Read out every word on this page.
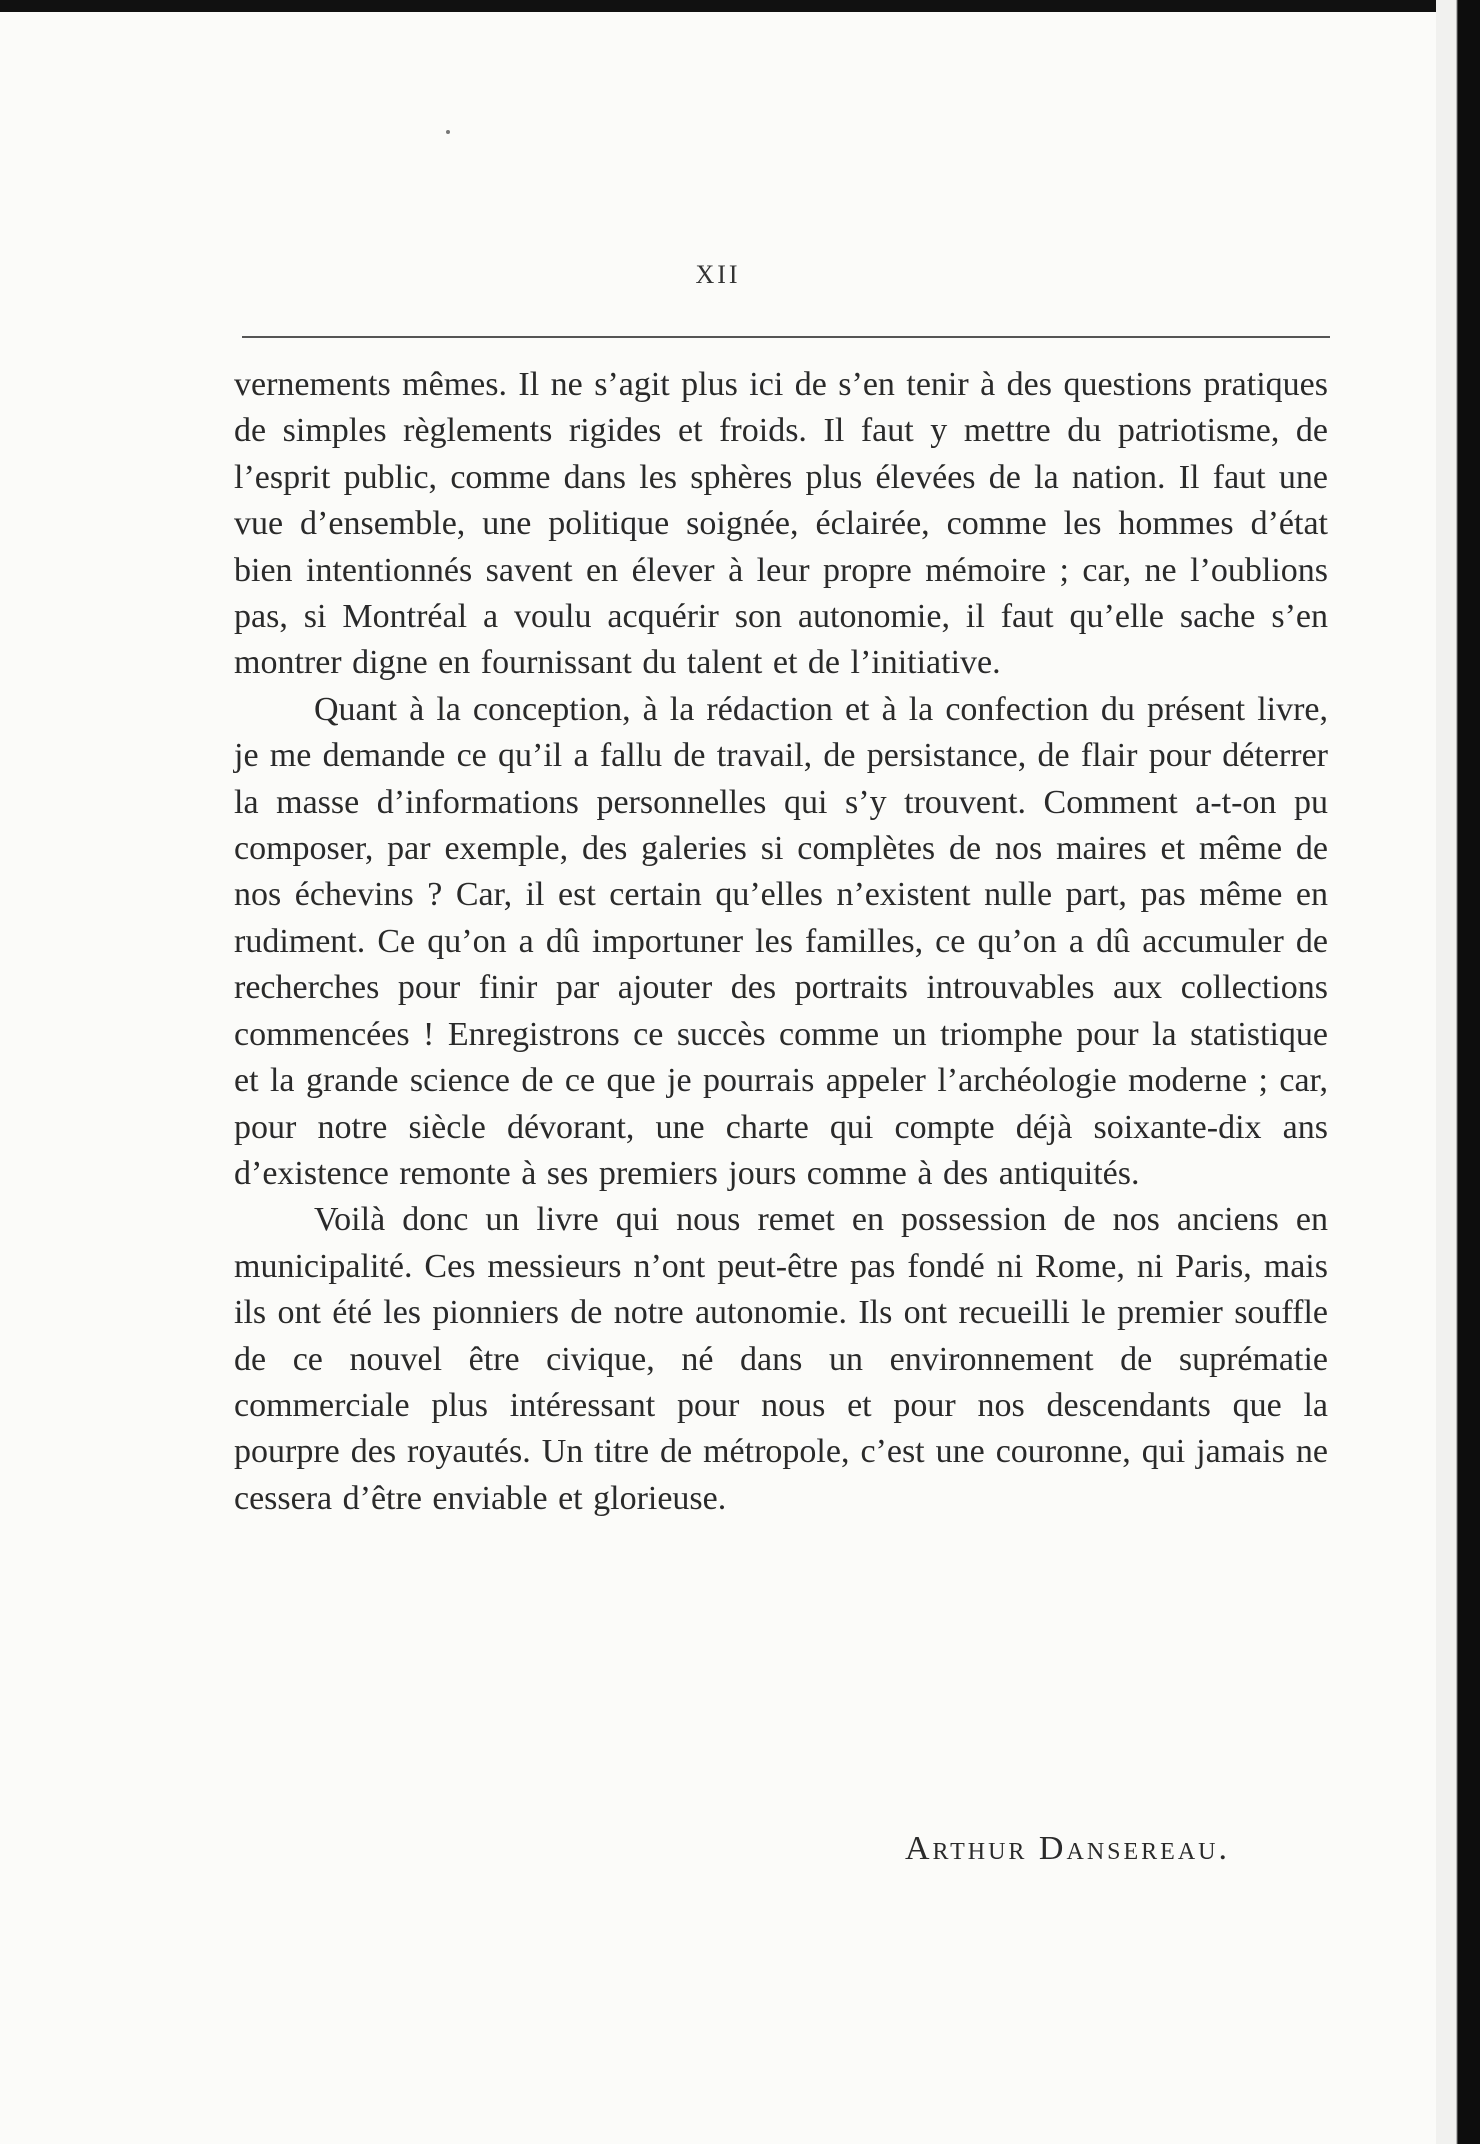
XII

vernements mêmes. Il ne s’agit plus ici de s’en tenir à des questions pratiques de simples règlements rigides et froids. Il faut y mettre du patriotisme, de l’esprit public, comme dans les sphères plus élevées de la nation. Il faut une vue d’ensemble, une politique soignée, éclairée, comme les hommes d’état bien intentionnés savent en élever à leur propre mémoire ; car, ne l’oublions pas, si Montréal a voulu acquérir son autonomie, il faut qu’elle sache s’en montrer digne en fournissant du talent et de l’initiative.

Quant à la conception, à la rédaction et à la confection du présent livre, je me demande ce qu’il a fallu de travail, de persistance, de flair pour déterrer la masse d’informations personnelles qui s’y trouvent. Comment a-t-on pu composer, par exemple, des galeries si complètes de nos maires et même de nos échevins ? Car, il est certain qu’elles n’existent nulle part, pas même en rudiment. Ce qu’on a dû importuner les familles, ce qu’on a dû accumuler de recherches pour finir par ajouter des portraits introuvables aux collections commencées ! Enregistrons ce succès comme un triomphe pour la statistique et la grande science de ce que je pourrais appeler l’archéologie moderne ; car, pour notre siècle dévorant, une charte qui compte déjà soixante-dix ans d’existence remonte à ses premiers jours comme à des antiquités.

Voilà donc un livre qui nous remet en possession de nos anciens en municipalité. Ces messieurs n’ont peut-être pas fondé ni Rome, ni Paris, mais ils ont été les pionniers de notre autonomie. Ils ont recueilli le premier souffle de ce nouvel être civique, né dans un environnement de suprématie commerciale plus intéressant pour nous et pour nos descendants que la pourpre des royautés. Un titre de métropole, c’est une couronne, qui jamais ne cessera d’être enviable et glorieuse.

Arthur Dansereau.
